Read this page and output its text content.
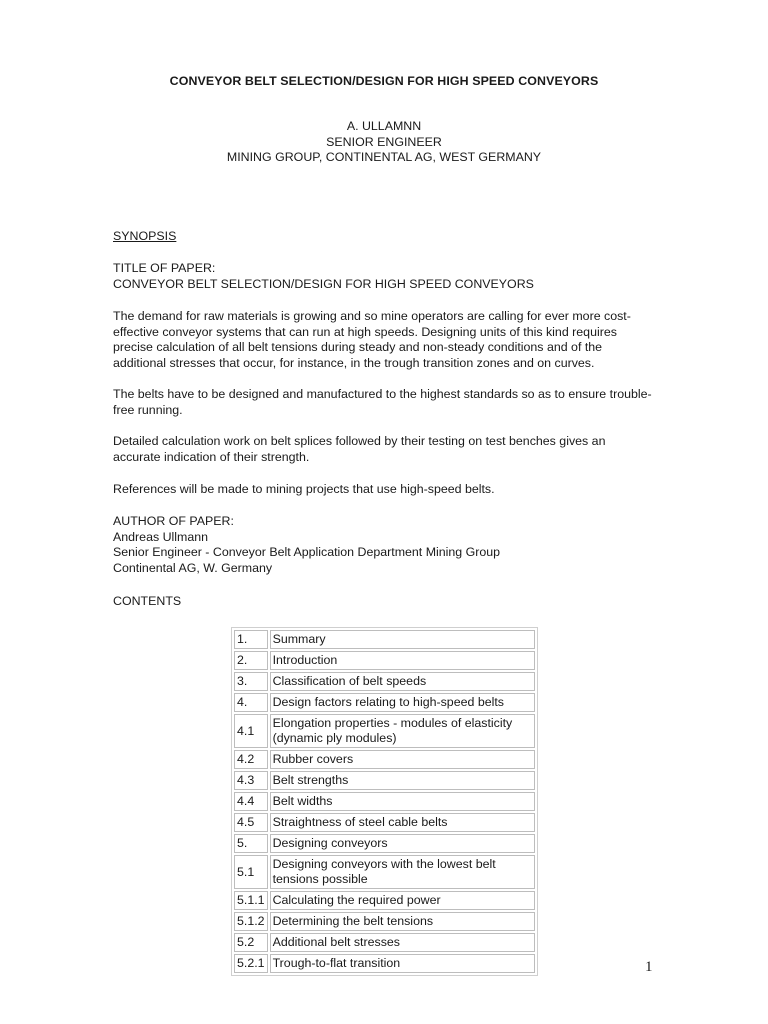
CONVEYOR BELT SELECTION/DESIGN FOR HIGH SPEED CONVEYORS
A. ULLAMNN
SENIOR ENGINEER
MINING GROUP, CONTINENTAL AG, WEST GERMANY
SYNOPSIS
TITLE OF PAPER:
CONVEYOR BELT SELECTION/DESIGN FOR HIGH SPEED CONVEYORS

The demand for raw materials is growing and so mine operators are calling for ever more cost-effective conveyor systems that can run at high speeds. Designing units of this kind requires precise calculation of all belt tensions during steady and non-steady conditions and of the additional stresses that occur, for instance, in the trough transition zones and on curves.

The belts have to be designed and manufactured to the highest standards so as to ensure trouble-free running.

Detailed calculation work on belt splices followed by their testing on test benches gives an accurate indication of their strength.

References will be made to mining projects that use high-speed belts.

AUTHOR OF PAPER:
Andreas Ullmann
Senior Engineer - Conveyor Belt Application Department Mining Group
Continental AG, W. Germany
CONTENTS
1.	Summary
2.	Introduction
3.	Classification of belt speeds
4.	Design factors relating to high-speed belts
4.1	Elongation properties - modules of elasticity (dynamic ply modules)
4.2	Rubber covers
4.3	Belt strengths
4.4	Belt widths
4.5	Straightness of steel cable belts
5.	Designing conveyors
5.1	Designing conveyors with the lowest belt tensions possible
5.1.1	Calculating the required power
5.1.2	Determining the belt tensions
5.2	Additional belt stresses
5.2.1	Trough-to-flat transition	1
